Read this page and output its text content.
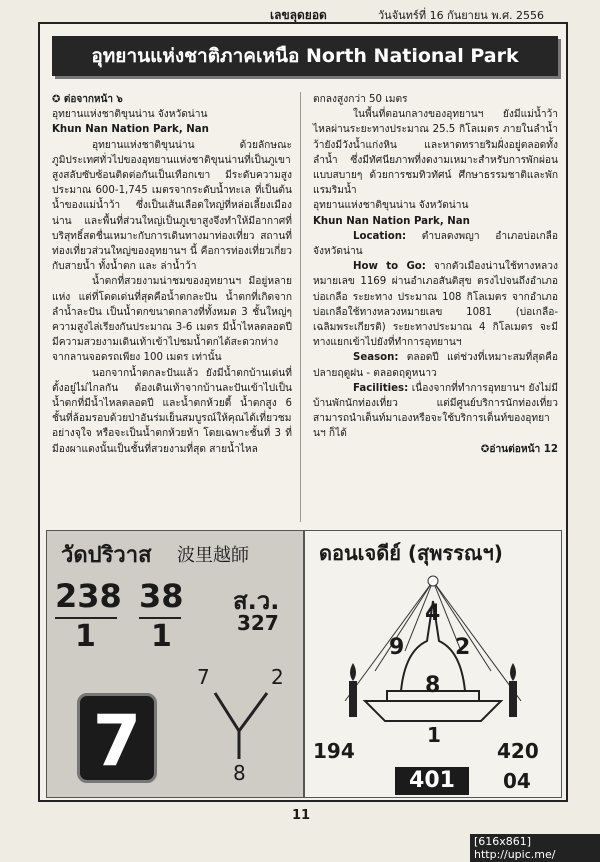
เลขลุดยอด	วันจันทร์ที่ 16 กันยายน พ.ศ. 2556
อุทยานแห่งชาติภาคเหนือ North National Park

✪ ต่อจากหน้า ๖

อุทยานแห่งชาติขุนน่าน จังหวัดน่าน

Khun Nan Nation Park, Nan

อุทยานแห่งชาติขุนน่าน ด้วยลักษณะภูมิประเทศทั่วไปของอุทยานแห่งชาติขุนน่านที่เป็นภูเขาสูงสลับซับซ้อนติดต่อกันเป็นเทือกเขา มีระดับความสูงประมาณ 600-1,745 เมตรจากระดับน้ำทะเล ที่เป็นต้นน้ำของแม่น้ำว้า ซึ่งเป็นเส้นเลือดใหญ่ที่หล่อเลี้ยงเมืองน่าน และพื้นที่ส่วนใหญ่เป็นภูเขาสูงจึงทำให้มีอากาศที่บริสุทธิ์สดชื่นเหมาะกับการเดินทางมาท่องเที่ยว สถานที่ท่องเที่ยวส่วนใหญ่ของอุทยานฯ นี้ คือการท่องเที่ยวเกี่ยวกับสายน้ำ ทั้งน้ำตก และ ล่าน้ำว้า

น้ำตกที่สวยงามน่าชมของอุทยานฯ มีอยู่หลายแห่ง แต่ที่โดดเด่นที่สุดคือน้ำตกละปัน น้ำตกที่เกิดจากลำน้ำละปัน เป็นน้ำตกขนาดกลางที่ทั้งหมด 3 ชั้นใหญ่ๆ ความสูงไล่เรียงกันประมาณ 3-6 เมตร มีน้ำไหลตลอดปี มีความสวยงามเดินเท้าเข้าไปชมน้ำตกได้สะดวกห่างจากลานจอดรถเพียง 100 เมตร เท่านั้น

นอกจากน้ำตกละปันแล้ว ยังมีน้ำตกบ้านเด่นที่ตั้งอยู่ไม่ไกลกัน ต้องเดินเท้าจากบ้านละปันเข้าไปเป็นน้ำตกที่มีน้ำไหลตลอดปี และน้ำตกห้วยตี้ น้ำตกสูง 6 ชั้นที่ล้อมรอบด้วยป่าอันร่มเย็นสมบูรณ์ให้คุณได้เที่ยวชมอย่างจุใจ หรือจะเป็นน้ำตกห้วยห้า โดยเฉพาะชั้นที่ 3 ที่มีองผาแดงนั้นเป็นชั้นที่สวยงามที่สุด สายน้ำไหล

ตกลงสูงกว่า 50 เมตร

ในพื้นที่ตอนกลางของอุทยานฯ ยังมีแม่น้ำว้าไหลผ่านระยะทางประมาณ 25.5 กิโลเมตร ภายในลำน้ำว้ายังมีวังน้ำแก่งหิน และหาดทรายริมฝั่งอยู่ตลอดทั้งลำน้ำ ซึ่งมีทัศนียภาพที่งดงามเหมาะสำหรับการพักผ่อนแบบสบายๆ ด้วยการชมทิวทัศน์ ศึกษาธรรมชาติและพักแรมริมน้ำ

อุทยานแห่งชาติขุนน่าน จังหวัดน่าน

Khun Nan Nation Park, Nan

Location: ตำบลดงพญา อำเภอบ่อเกลือ จังหวัดน่าน

How to Go: จากตัวเมืองน่านใช้ทางหลวงหมายเลข 1169 ผ่านอำเภอสันติสุข ตรงไปจนถึงอำเภอบ่อเกลือ ระยะทาง ประมาณ 108 กิโลเมตร จากอำเภอบ่อเกลือใช้ทางหลวงหมายเลข 1081 (บ่อเกลือ-เฉลิมพระเกียรติ) ระยะทางประมาณ 4 กิโลเมตร จะมีทางแยกเข้าไปยังที่ทำการอุทยานฯ

Season: ตลอดปี แต่ช่วงที่เหมาะสมที่สุดคือ ปลายฤดูฝน - ตลอดฤดูหนาว

Facilities: เนื่องจากที่ทำการอุทยานฯ ยังไม่มีบ้านพักนักท่องเที่ยว แต่มีศูนย์บริการนักท่องเที่ยวสามารถนำเต็นท์มาเองหรือจะใช้บริการเต็นท์ของอุทยานฯ ก็ได้

✪อ่านต่อหน้า 12

วัดปริวาส 波里越師
238
1
38
1
ส.ว.
327
7
7	2
8
ดอนเจดีย์ (สุพรรณฯ)
4
9 2
8
1
194	420
401	04
11
[616x861] http://upic.me/
